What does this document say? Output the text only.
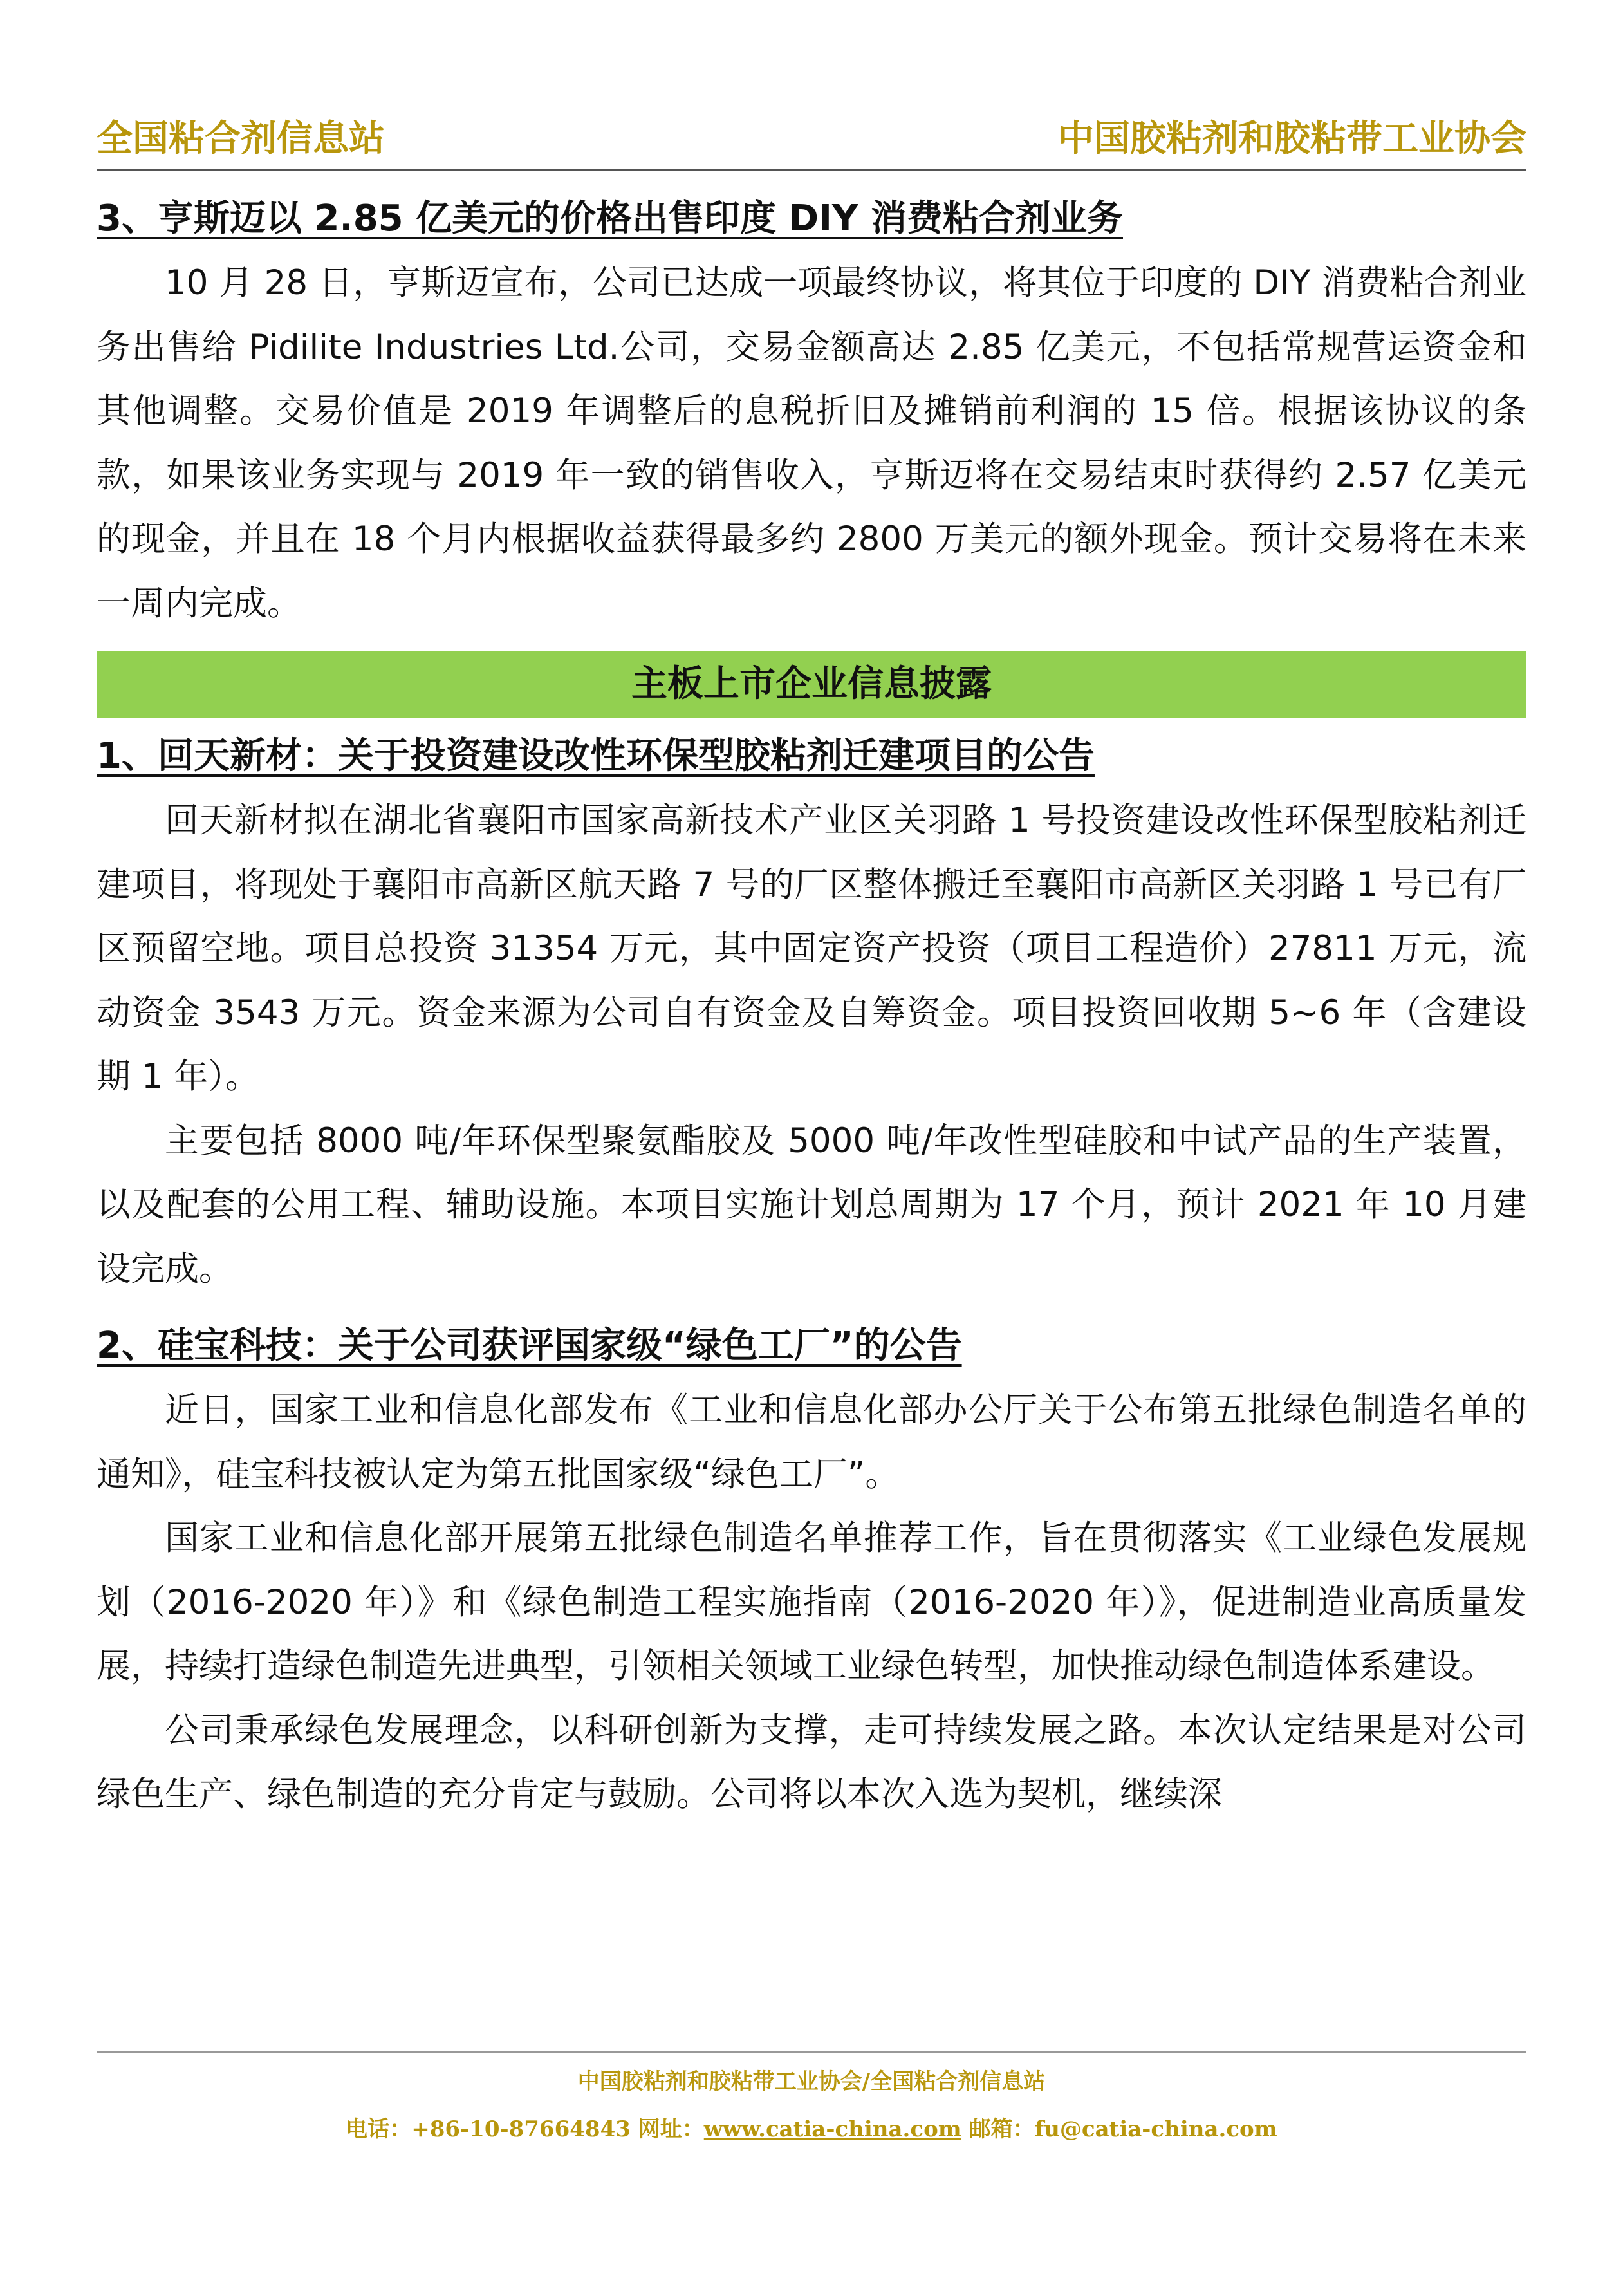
全国粘合剂信息站	中国胶粘剂和胶粘带工业协会
3、亨斯迈以 2.85 亿美元的价格出售印度 DIY 消费粘合剂业务

10 月 28 日，亨斯迈宣布，公司已达成一项最终协议，将其位于印度的 DIY 消费粘合剂业务出售给 Pidilite Industries Ltd.公司，交易金额高达 2.85 亿美元，不包括常规营运资金和其他调整。交易价值是 2019 年调整后的息税折旧及摊销前利润的 15 倍。根据该协议的条款，如果该业务实现与 2019 年一致的销售收入，亨斯迈将在交易结束时获得约 2.57 亿美元的现金，并且在 18 个月内根据收益获得最多约 2800 万美元的额外现金。预计交易将在未来一周内完成。

主板上市企业信息披露
1、回天新材：关于投资建设改性环保型胶粘剂迁建项目的公告

回天新材拟在湖北省襄阳市国家高新技术产业区关羽路 1 号投资建设改性环保型胶粘剂迁建项目，将现处于襄阳市高新区航天路 7 号的厂区整体搬迁至襄阳市高新区关羽路 1 号已有厂区预留空地。项目总投资 31354 万元，其中固定资产投资（项目工程造价）27811 万元，流动资金 3543 万元。资金来源为公司自有资金及自筹资金。项目投资回收期 5~6 年（含建设期 1 年）。

主要包括 8000 吨/年环保型聚氨酯胶及 5000 吨/年改性型硅胶和中试产品的生产装置，以及配套的公用工程、辅助设施。本项目实施计划总周期为 17 个月，预计 2021 年 10 月建设完成。

2、硅宝科技：关于公司获评国家级“绿色工厂”的公告

近日，国家工业和信息化部发布《工业和信息化部办公厅关于公布第五批绿色制造名单的通知》，硅宝科技被认定为第五批国家级“绿色工厂”。

国家工业和信息化部开展第五批绿色制造名单推荐工作，旨在贯彻落实《工业绿色发展规划（2016-2020 年）》和《绿色制造工程实施指南（2016-2020 年）》，促进制造业高质量发展，持续打造绿色制造先进典型，引领相关领域工业绿色转型，加快推动绿色制造体系建设。

公司秉承绿色发展理念，以科研创新为支撑，走可持续发展之路。本次认定结果是对公司绿色生产、绿色制造的充分肯定与鼓励。公司将以本次入选为契机，继续深

中国胶粘剂和胶粘带工业协会/全国粘合剂信息站
电话：+86-10-87664843 网址：www.catia-china.com 邮箱：fu@catia-china.com
